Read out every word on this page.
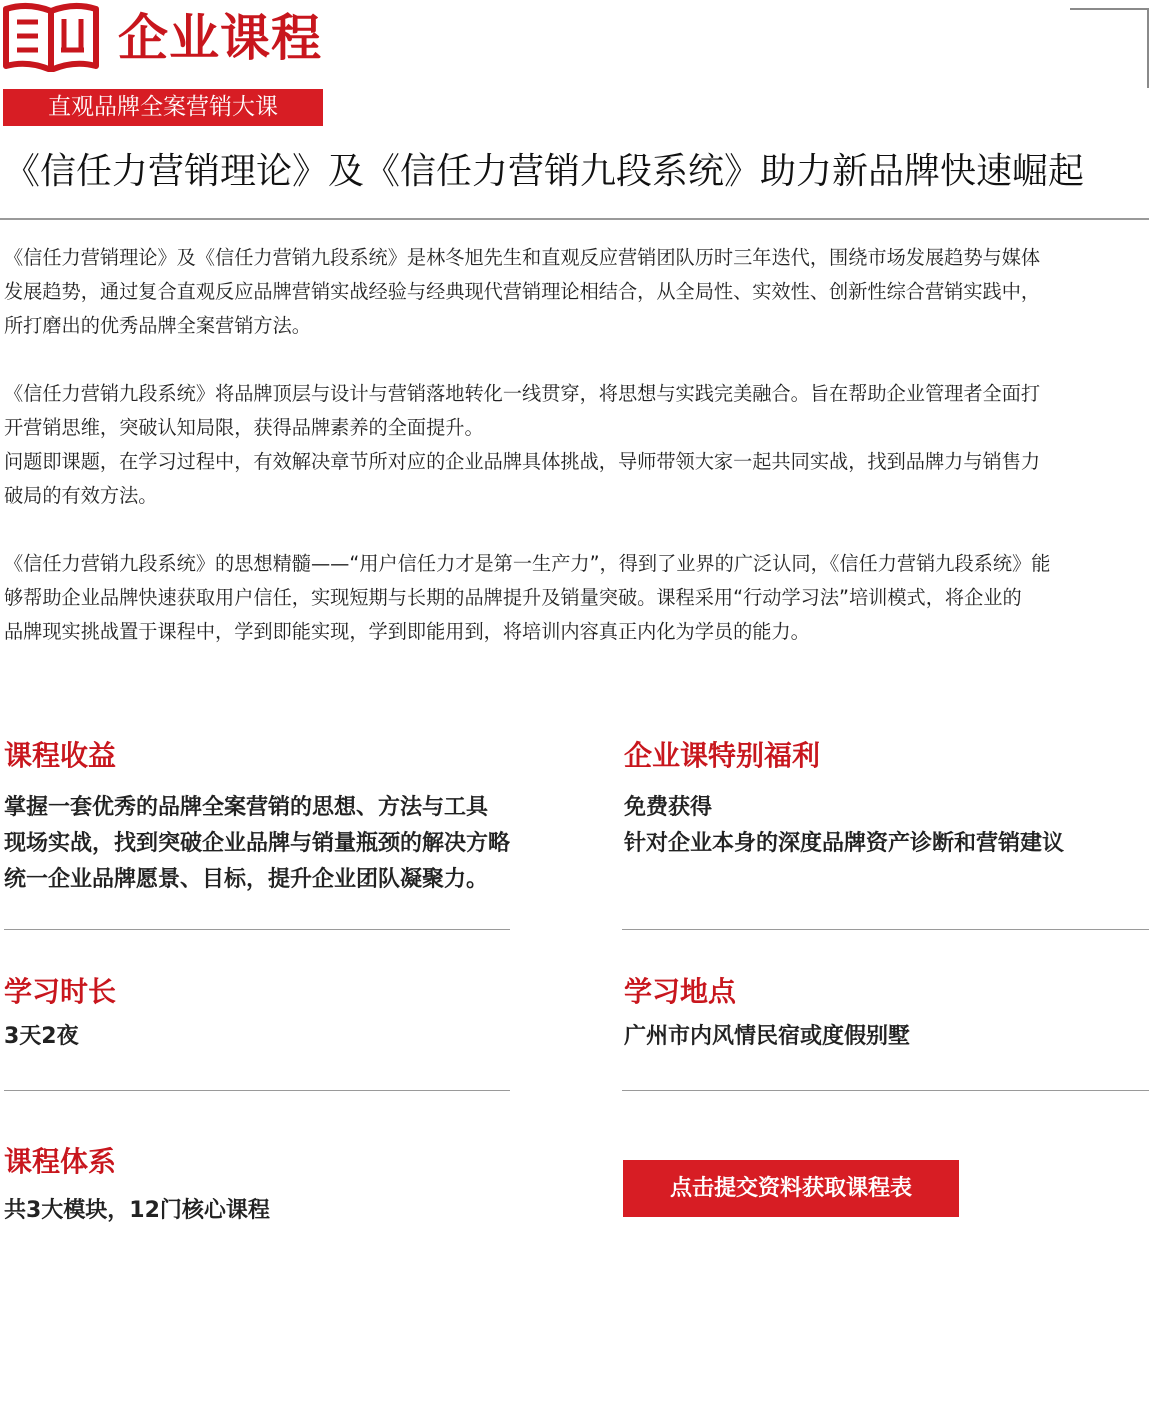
企业课程
直观品牌全案营销大课
《信任力营销理论》及《信任力营销九段系统》助力新品牌快速崛起

《信任力营销理论》及《信任力营销九段系统》是林冬旭先生和直观反应营销团队历时三年迭代，围绕市场发展趋势与媒体
发展趋势，通过复合直观反应品牌营销实战经验与经典现代营销理论相结合，从全局性、实效性、创新性综合营销实践中，
所打磨出的优秀品牌全案营销方法。

《信任力营销九段系统》将品牌顶层与设计与营销落地转化一线贯穿，将思想与实践完美融合。旨在帮助企业管理者全面打
开营销思维，突破认知局限，获得品牌素养的全面提升。
问题即课题，在学习过程中，有效解决章节所对应的企业品牌具体挑战，导师带领大家一起共同实战，找到品牌力与销售力
破局的有效方法。

《信任力营销九段系统》的思想精髓——“用户信任力才是第一生产力”，得到了业界的广泛认同，《信任力营销九段系统》能
够帮助企业品牌快速获取用户信任，实现短期与长期的品牌提升及销量突破。课程采用“行动学习法”培训模式，将企业的
品牌现实挑战置于课程中，学到即能实现，学到即能用到，将培训内容真正内化为学员的能力。

课程收益
掌握一套优秀的品牌全案营销的思想、方法与工具
现场实战，找到突破企业品牌与销量瓶颈的解决方略
统一企业品牌愿景、目标，提升企业团队凝聚力。
企业课特别福利
免费获得
针对企业本身的深度品牌资产诊断和营销建议
学习时长
3天2夜
学习地点
广州市内风情民宿或度假别墅
课程体系
共3大模块，12门核心课程
点击提交资料获取课程表
